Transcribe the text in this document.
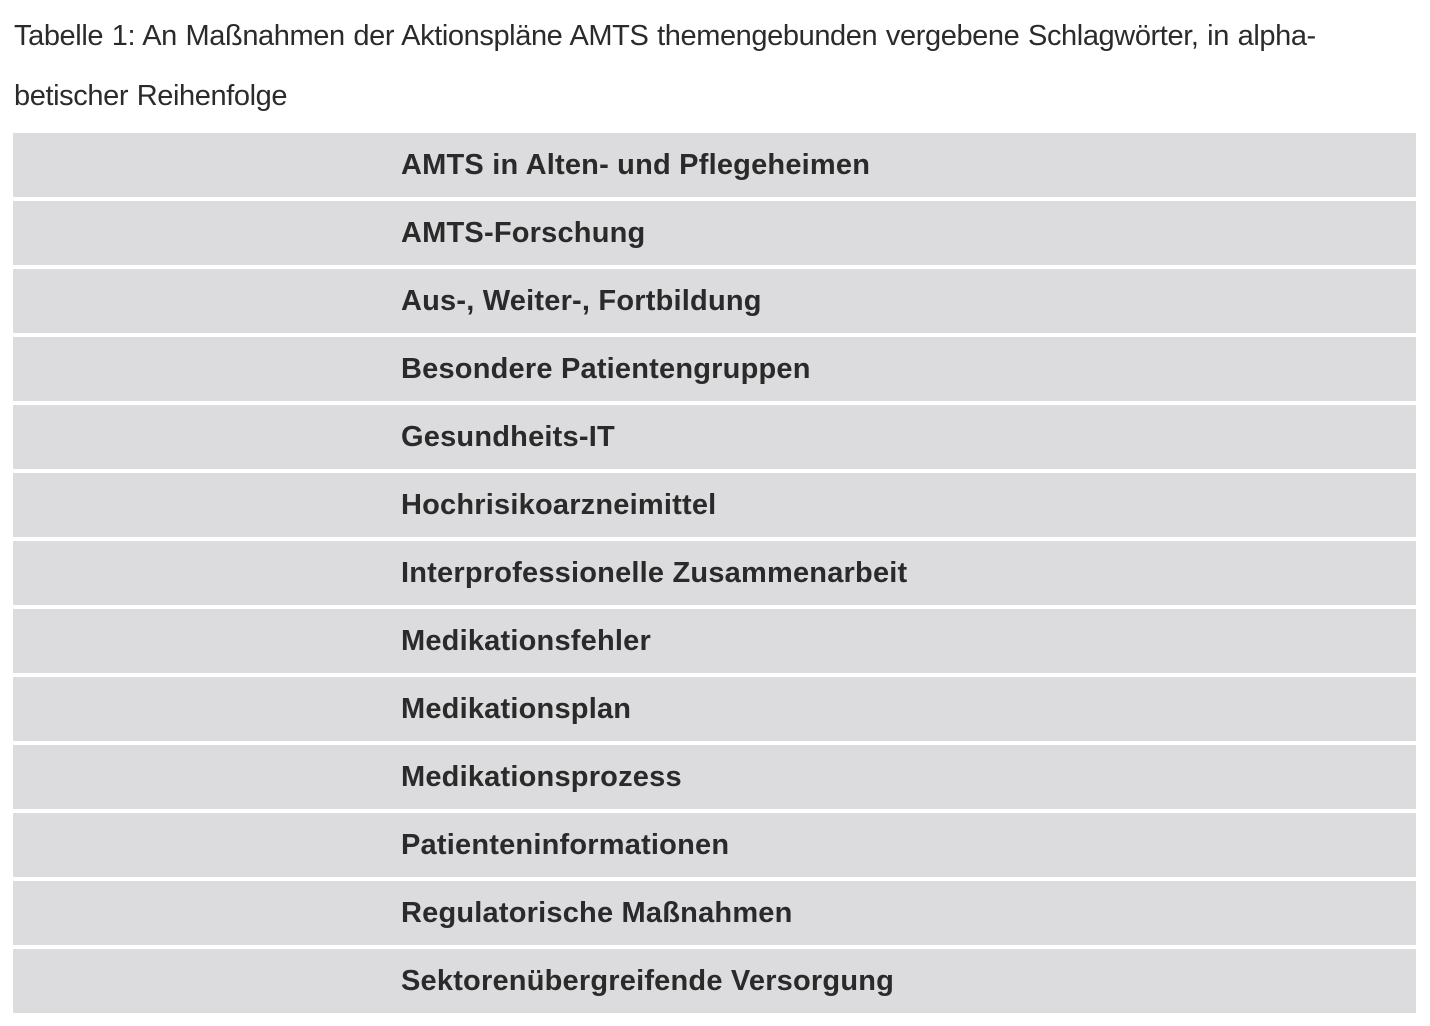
Tabelle 1: An Maßnahmen der Aktionspläne AMTS themengebunden vergebene Schlagwörter, in alpha-
betischer Reihenfolge
AMTS in Alten- und Pflegeheimen
AMTS-Forschung
Aus-, Weiter-, Fortbildung
Besondere Patientengruppen
Gesundheits-IT
Hochrisikoarzneimittel
Interprofessionelle Zusammenarbeit
Medikationsfehler
Medikationsplan
Medikationsprozess
Patienteninformationen
Regulatorische Maßnahmen
Sektorenübergreifende Versorgung
